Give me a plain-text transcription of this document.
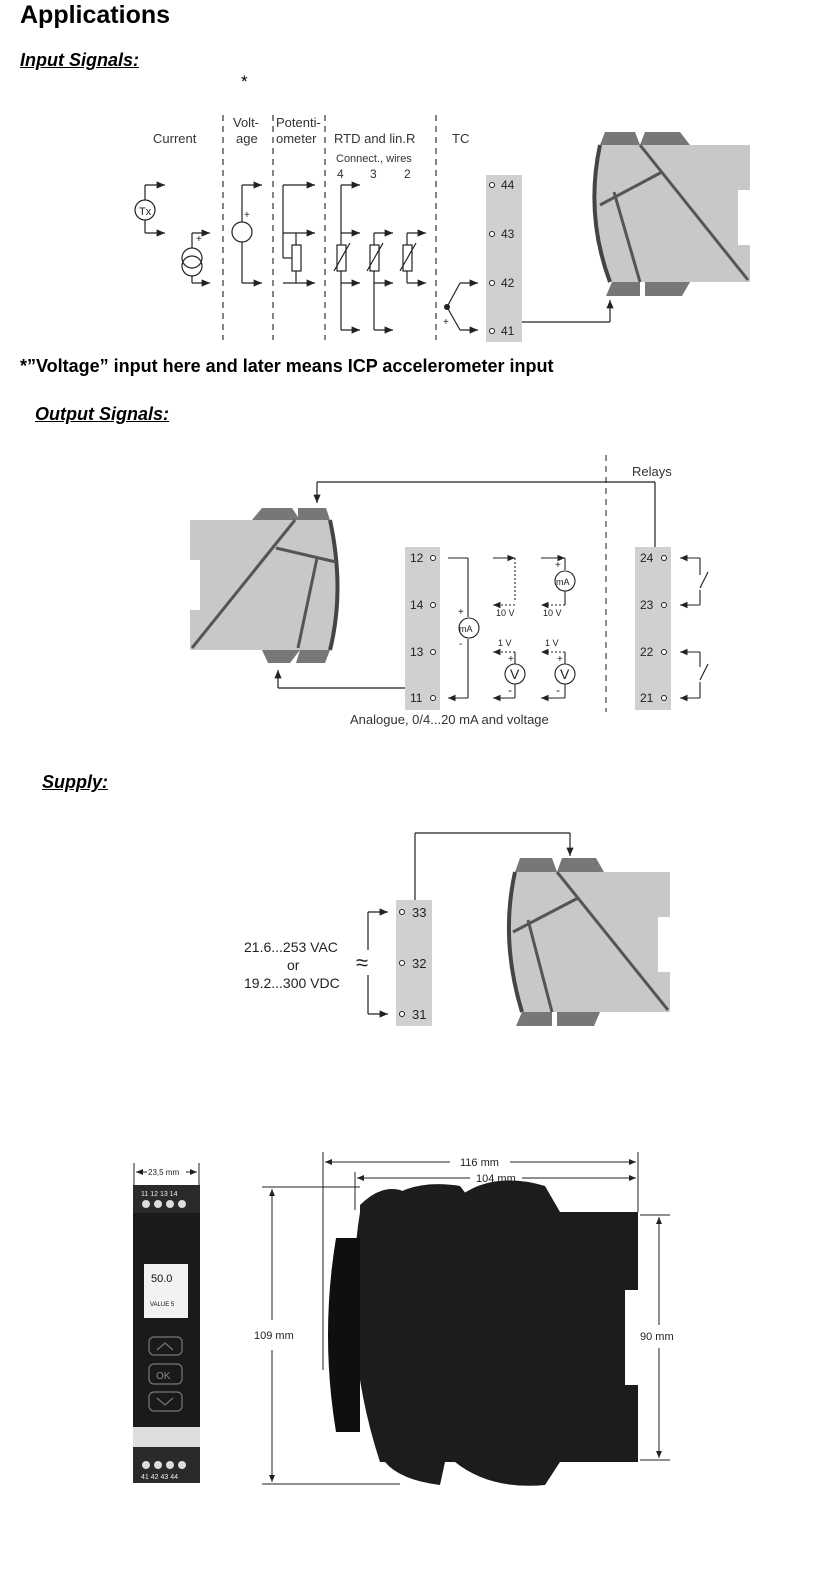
Applications
Input Signals:
*
Current
Volt-
age
Potenti-
ometer RTD and lin.R	TC
Connect., wires
4 3 2
Tx
+
+
+
44
43
42
41
*”Voltage” input here and later means ICP accelerometer input
Output Signals:
Relays
12
14
13
11
mA
+
-
V
10 V
1 V
+
-
mA
+
10 V
1 V
V
+
-
24
23
22
21
Analogue, 0/4...20 mA and voltage
Supply:
≈
21.6...253 VAC
or
19.2...300 VDC
33
32
31
23,5 mm
11 12 13 14
50.0
VALUE 5
OK
41 42 43 44
116 mm
104 mm
109 mm	90 mm
